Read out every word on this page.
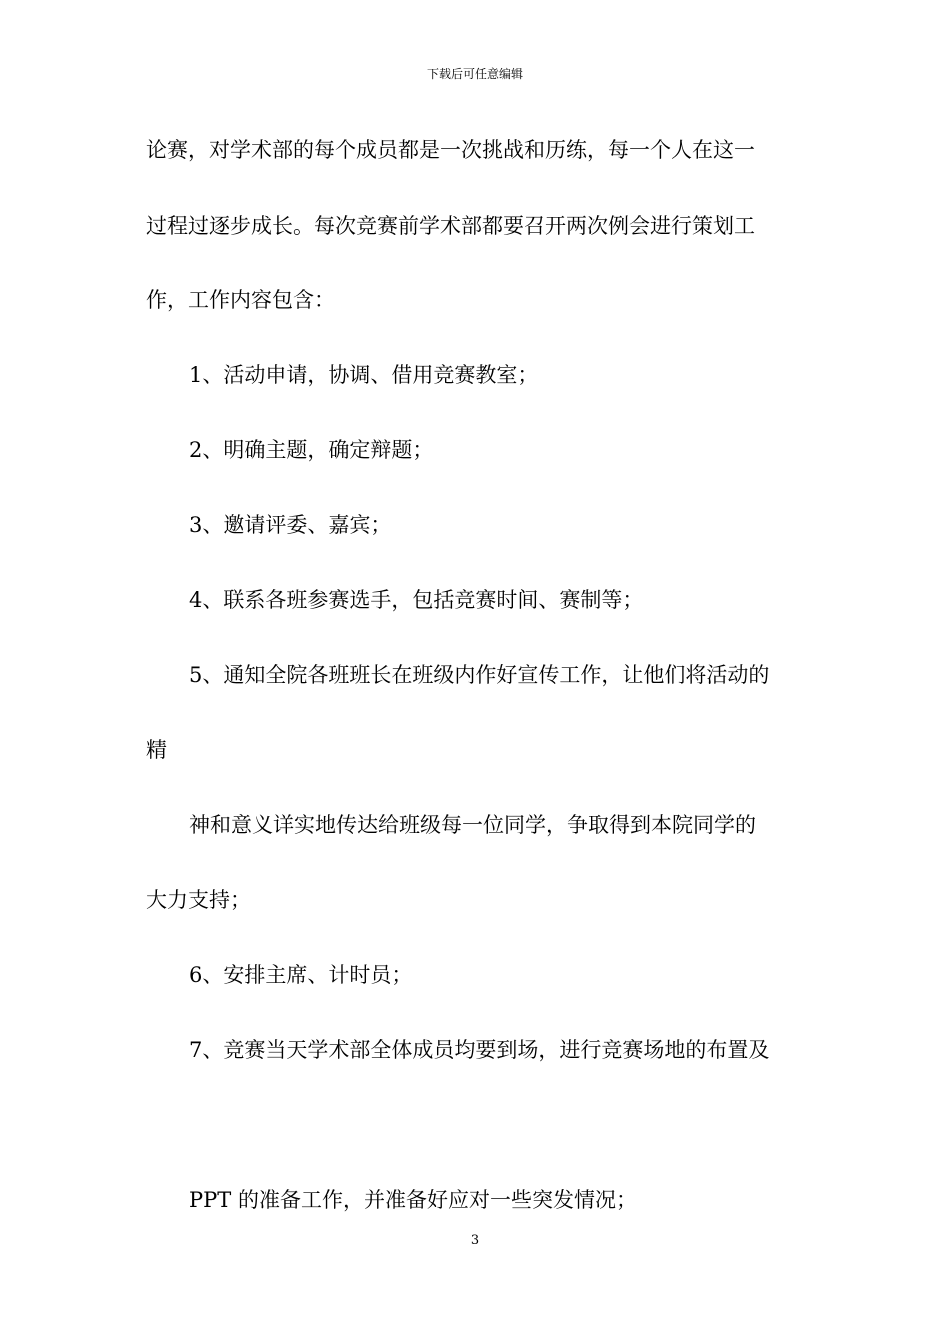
下载后可任意编辑
论赛，对学术部的每个成员都是一次挑战和历练，每一个人在这一
过程过逐步成长。每次竞赛前学术部都要召开两次例会进行策划工
作，工作内容包含：
1、活动申请，协调、借用竞赛教室；
2、明确主题，确定辩题；
3、邀请评委、嘉宾；
4、联系各班参赛选手，包括竞赛时间、赛制等；
5、通知全院各班班长在班级内作好宣传工作，让他们将活动的
精
神和意义详实地传达给班级每一位同学，争取得到本院同学的
大力支持；
6、安排主席、计时员；
7、竞赛当天学术部全体成员均要到场，进行竞赛场地的布置及
PPT 的准备工作，并准备好应对一些突发情况；
3
